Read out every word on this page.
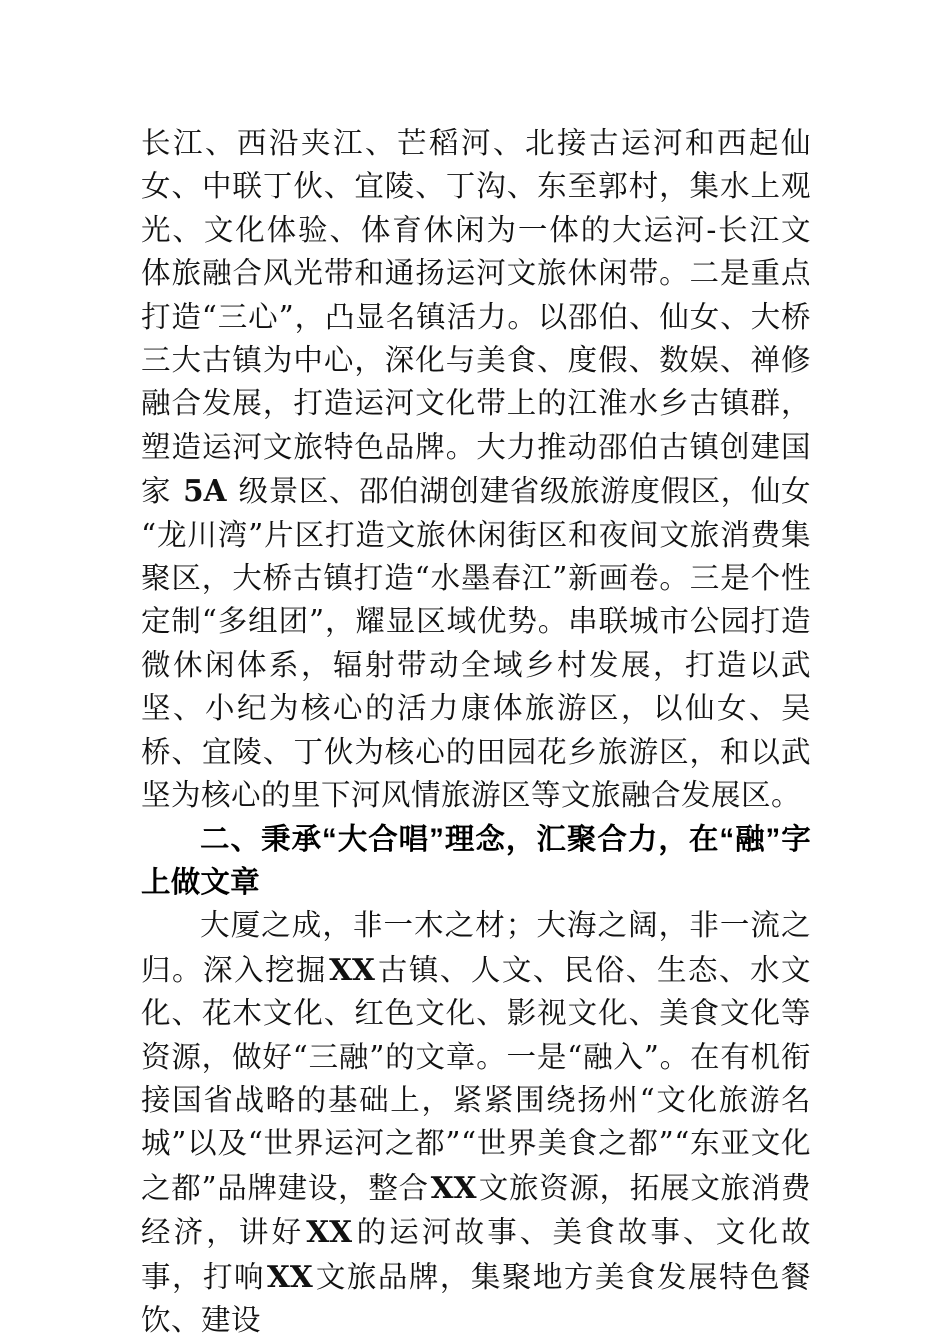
长江、西沿夹江、芒稻河、北接古运河和西起仙女、中联丁伙、宜陵、丁沟、东至郭村，集水上观光、文化体验、体育休闲为一体的大运河-长江文体旅融合风光带和通扬运河文旅休闲带。二是重点打造“三心”，凸显名镇活力。以邵伯、仙女、大桥三大古镇为中心，深化与美食、度假、数娱、禅修融合发展，打造运河文化带上的江淮水乡古镇群，塑造运河文旅特色品牌。大力推动邵伯古镇创建国家 5A 级景区、邵伯湖创建省级旅游度假区，仙女“龙川湾”片区打造文旅休闲街区和夜间文旅消费集聚区，大桥古镇打造“水墨春江”新画卷。三是个性定制“多组团”，耀显区域优势。串联城市公园打造微休闲体系，辐射带动全域乡村发展，打造以武坚、小纪为核心的活力康体旅游区，以仙女、吴桥、宜陵、丁伙为核心的田园花乡旅游区，和以武坚为核心的里下河风情旅游区等文旅融合发展区。

二、秉承“大合唱”理念，汇聚合力，在“融”字上做文章

大厦之成，非一木之材；大海之阔，非一流之归。深入挖掘XX古镇、人文、民俗、生态、水文化、花木文化、红色文化、影视文化、美食文化等资源，做好“三融”的文章。一是“融入”。在有机衔接国省战略的基础上，紧紧围绕扬州“文化旅游名城”以及“世界运河之都”“世界美食之都”“东亚文化之都”品牌建设，整合XX文旅资源，拓展文旅消费经济，讲好XX的运河故事、美食故事、文化故事，打响XX文旅品牌，集聚地方美食发展特色餐饮、建设
